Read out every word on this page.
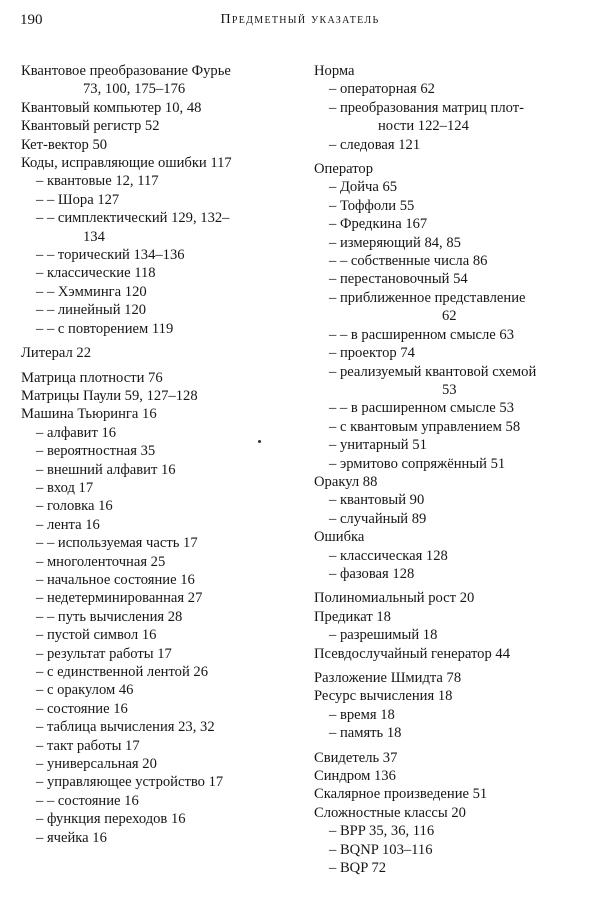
190	Предметный указатель
Квантовое преобразование Фурье
73, 100, 175–176
Квантовый компьютер 10, 48
Квантовый регистр 52
Кет-вектор 50
Коды, исправляющие ошибки 117
– квантовые 12, 117
– – Шора 127
– – симплектический 129, 132–
134
– – торический 134–136
– классические 118
– – Хэмминга 120
– – линейный 120
– – с повторением 119
Литерал 22
Матрица плотности 76
Матрицы Паули 59, 127–128
Машина Тьюринга 16
– алфавит 16
– вероятностная 35
– внешний алфавит 16
– вход 17
– головка 16
– лента 16
– – используемая часть 17
– многоленточная 25
– начальное состояние 16
– недетерминированная 27
– – путь вычисления 28
– пустой символ 16
– результат работы 17
– с единственной лентой 26
– с оракулом 46
– состояние 16
– таблица вычисления 23, 32
– такт работы 17
– универсальная 20
– управляющее устройство 17
– – состояние 16
– функция переходов 16
– ячейка 16
Норма
– операторная 62
– преобразования матриц плот-
ности 122–124
– следовая 121
Оператор
– Дойча 65
– Тоффоли 55
– Фредкина 167
– измеряющий 84, 85
– – собственные числа 86
– перестановочный 54
– приближенное представление
62
– – в расширенном смысле 63
– проектор 74
– реализуемый квантовой схемой
53
– – в расширенном смысле 53
– с квантовым управлением 58
– унитарный 51
– эрмитово сопряжённый 51
Оракул 88
– квантовый 90
– случайный 89
Ошибка
– классическая 128
– фазовая 128
Полиномиальный рост 20
Предикат 18
– разрешимый 18
Псевдослучайный генератор 44
Разложение Шмидта 78
Ресурс вычисления 18
– время 18
– память 18
Свидетель 37
Синдром 136
Скалярное произведение 51
Сложностные классы 20
– BPP 35, 36, 116
– BQNP 103–116
– BQP 72
